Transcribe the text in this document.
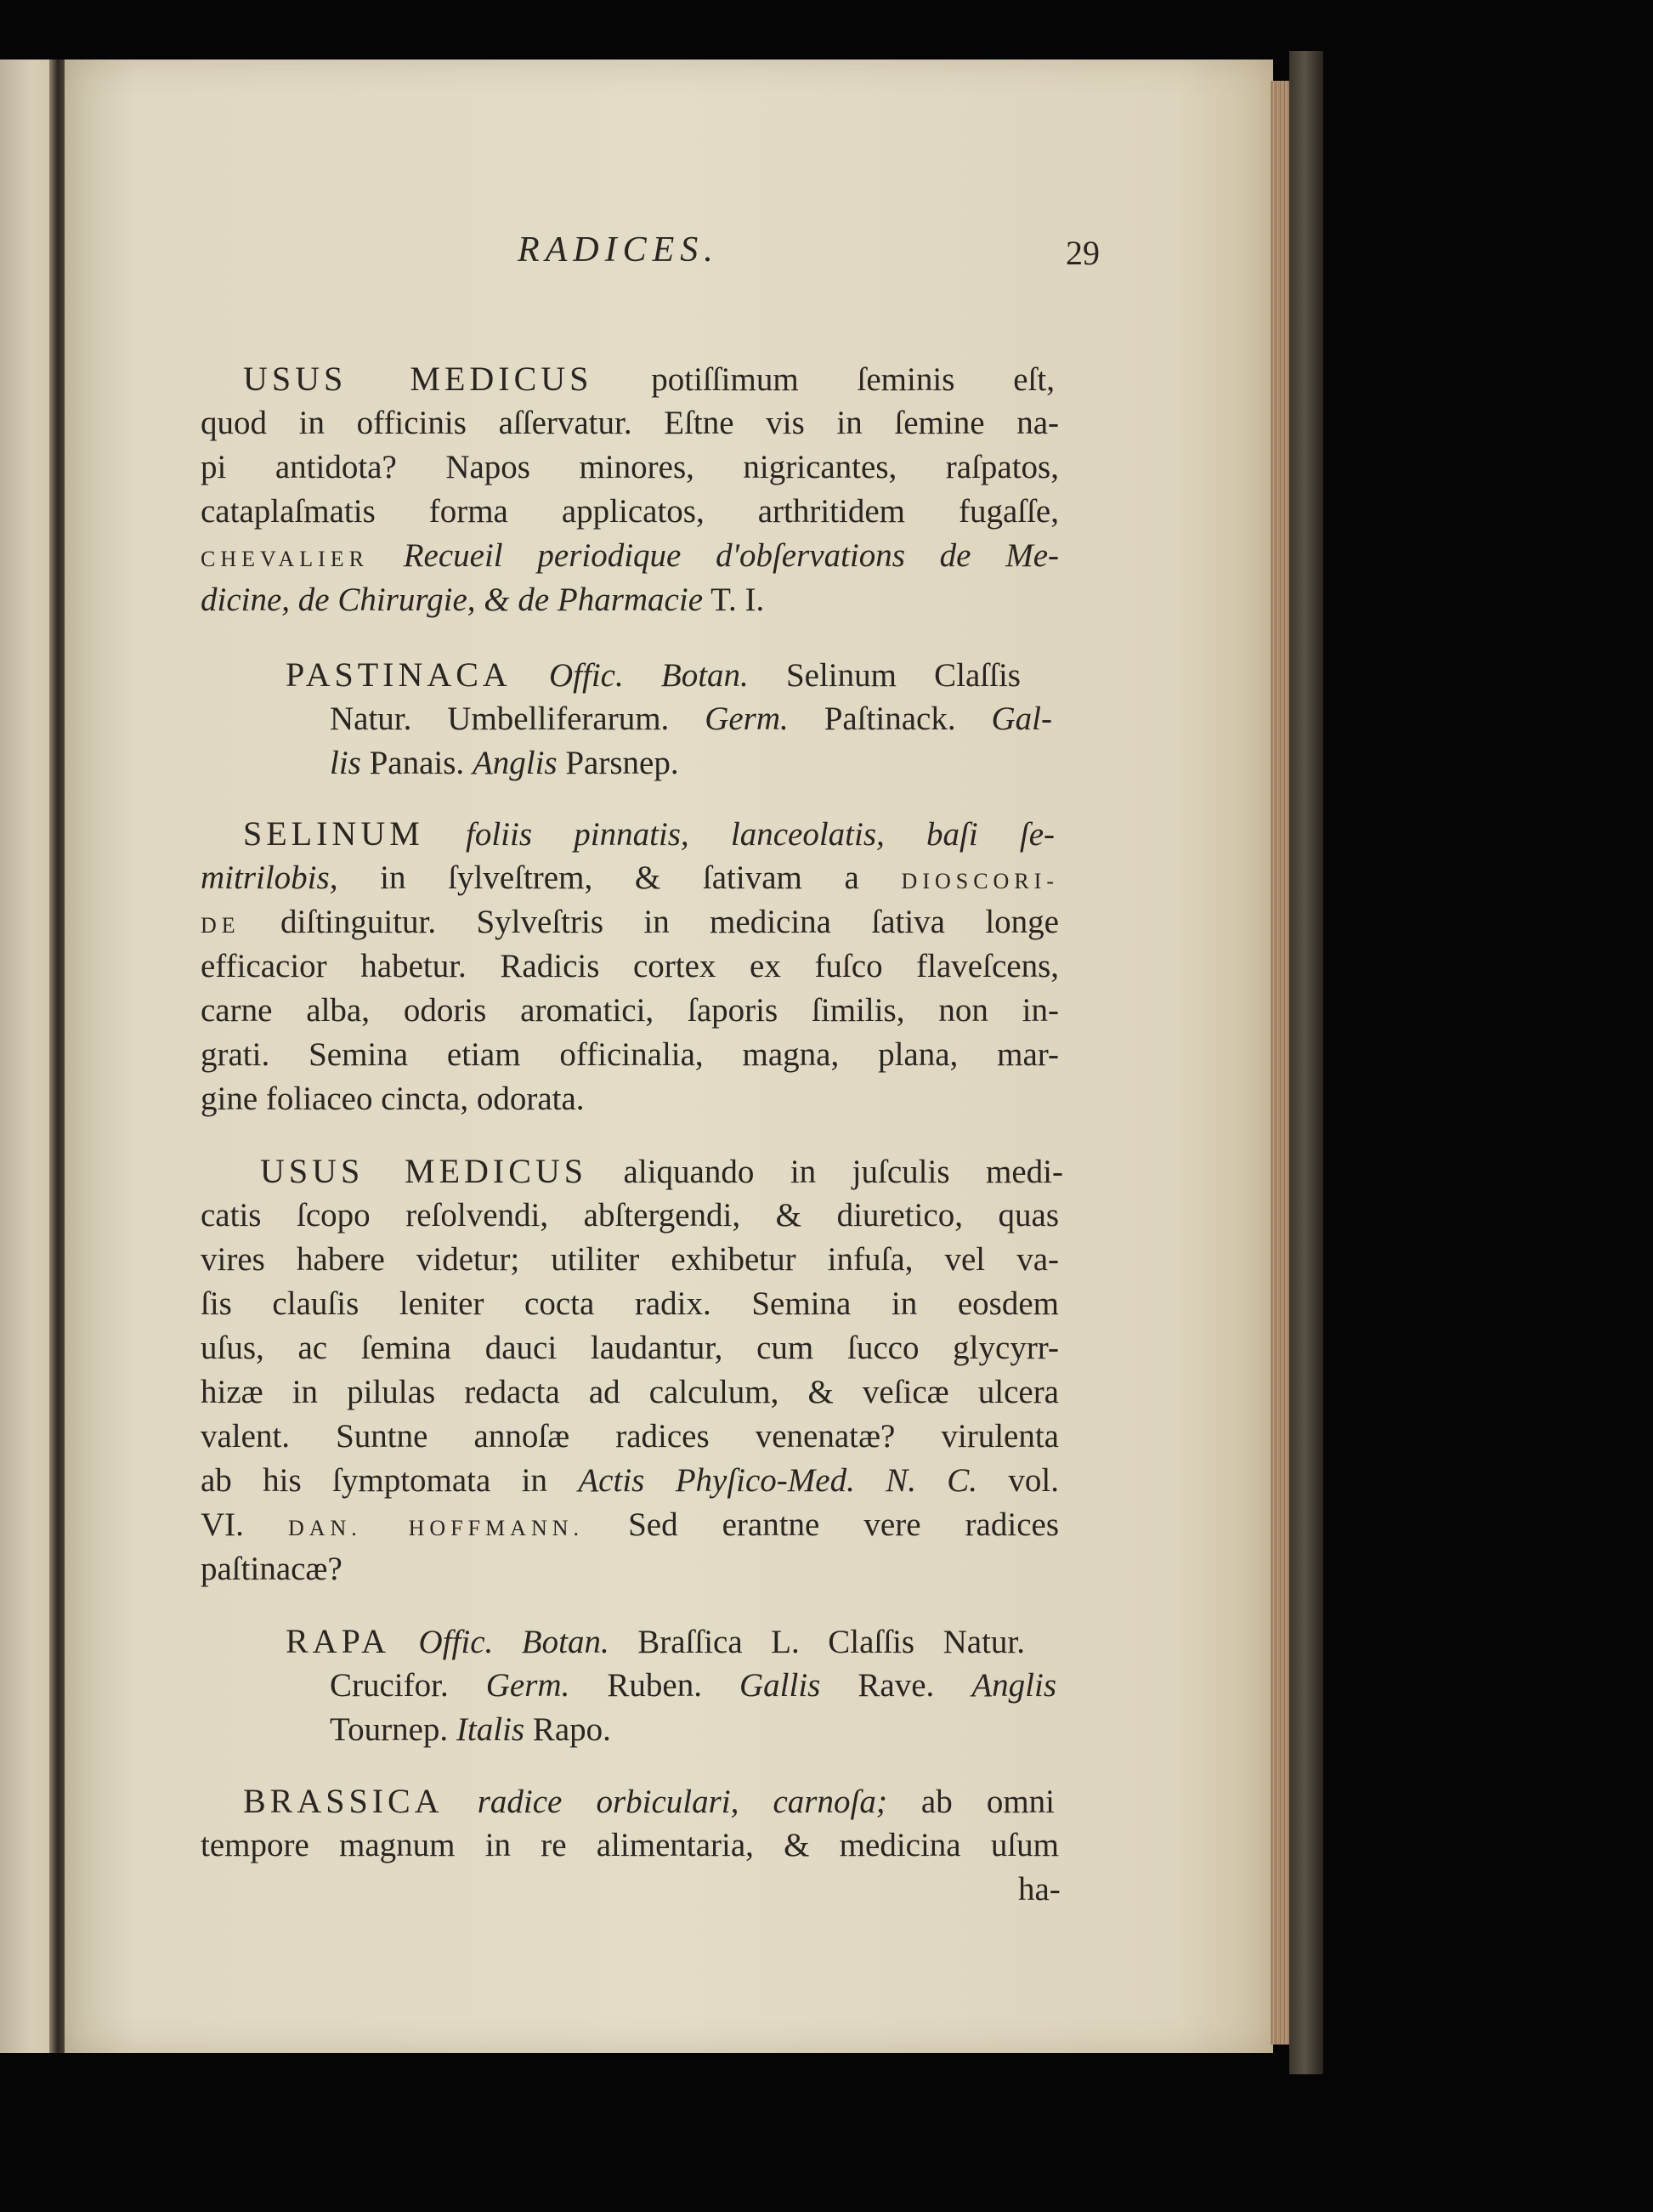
RADICES.	29
USUS MEDICUS potiſſimum ſeminis eſt,
quod in officinis aſſervatur. Eſtne vis in ſemine na-
pi antidota? Napos minores, nigricantes, raſpatos,
cataplaſmatis forma applicatos, arthritidem fugaſſe,
CHEVALIER Recueil periodique d'obſervations de Me-
dicine, de Chirurgie, & de Pharmacie T. I.
PASTINACA Offic. Botan. Selinum Claſſis
Natur. Umbelliferarum. Germ. Paſtinack. Gal-
lis Panais. Anglis Parsnep.
SELINUM foliis pinnatis, lanceolatis, baſi ſe-
mitrilobis, in ſylveſtrem, & ſativam a DIOSCORI-
DE diſtinguitur. Sylveſtris in medicina ſativa longe
efficacior habetur. Radicis cortex ex fuſco flaveſcens,
carne alba, odoris aromatici, ſaporis ſimilis, non in-
grati. Semina etiam officinalia, magna, plana, mar-
gine foliaceo cincta, odorata.
USUS MEDICUS aliquando in juſculis medi-
catis ſcopo reſolvendi, abſtergendi, & diuretico, quas
vires habere videtur; utiliter exhibetur infuſa, vel va-
ſis clauſis leniter cocta radix. Semina in eosdem
uſus, ac ſemina dauci laudantur, cum ſucco glycyrr-
hizæ in pilulas redacta ad calculum, & veſicæ ulcera
valent. Suntne annoſæ radices venenatæ? virulenta
ab his ſymptomata in Actis Phyſico-Med. N. C. vol.
VI. DAN. HOFFMANN. Sed erantne vere radices
paſtinacæ?
RAPA Offic. Botan. Braſſica L. Claſſis Natur.
Crucifor. Germ. Ruben. Gallis Rave. Anglis
Tournep. Italis Rapo.
BRASSICA radice orbiculari, carnoſa; ab omni
tempore magnum in re alimentaria, & medicina uſum
ha-
